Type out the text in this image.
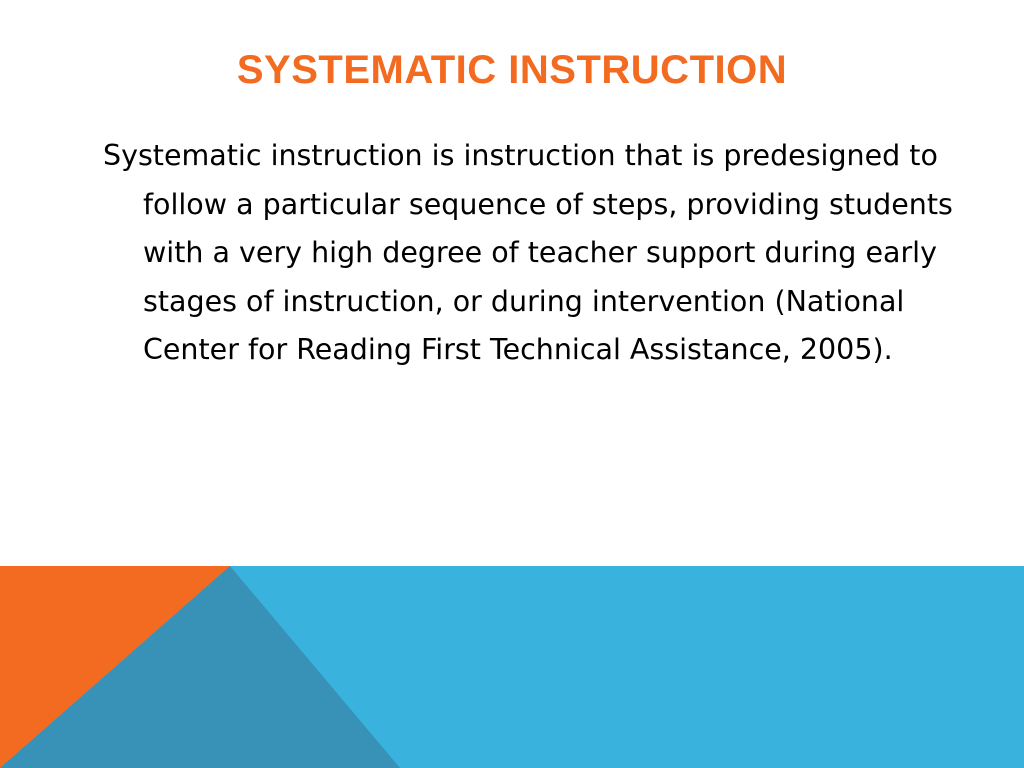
SYSTEMATIC INSTRUCTION

Systematic instruction is instruction that is predesigned to follow a particular sequence of steps, providing students with a very high degree of teacher support during early stages of instruction, or during intervention (National Center for Reading First Technical Assistance, 2005).
